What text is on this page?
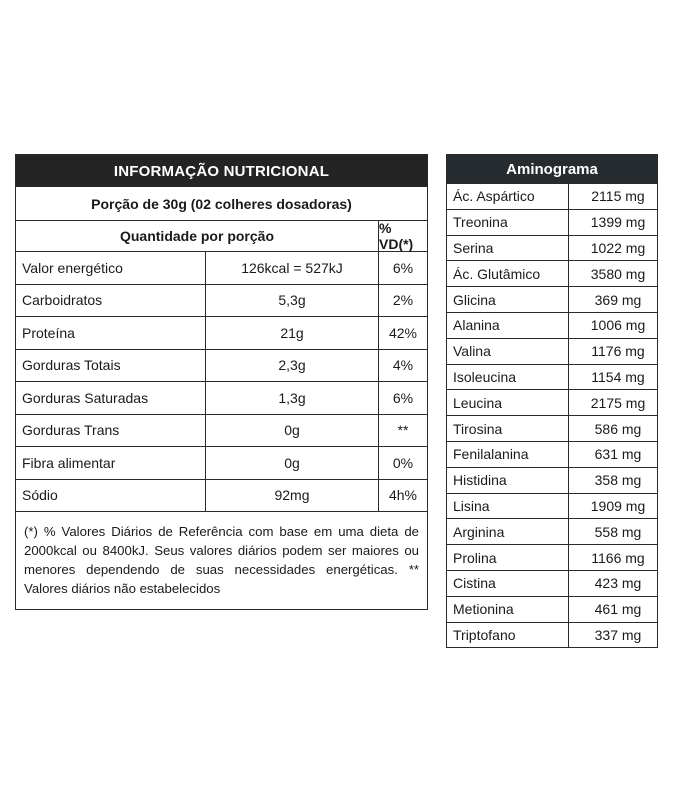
INFORMAÇÃO NUTRICIONAL
Porção de 30g (02 colheres dosadoras)
Quantidade por porção	% VD(*)
Valor energético	126kcal = 527kJ	6%
Carboidratos	5,3g	2%
Proteína	21g	42%
Gorduras Totais	2,3g	4%
Gorduras Saturadas	1,3g	6%
Gorduras Trans	0g	**
Fibra alimentar	0g	0%
Sódio	92mg	4h%
(*) % Valores Diários de Referência com base em uma dieta de 2000kcal ou 8400kJ. Seus valores diários podem ser maiores ou menores dependendo de suas necessidades energéticas. ** Valores diários não estabelecidos
Aminograma
Ác. Aspártico	2115 mg
Treonina	1399 mg
Serina	1022 mg
Ác. Glutâmico	3580 mg
Glicina	369 mg
Alanina	1006 mg
Valina	1176 mg
Isoleucina	1154 mg
Leucina	2175 mg
Tirosina	586 mg
Fenilalanina	631 mg
Histidina	358 mg
Lisina	1909 mg
Arginina	558 mg
Prolina	1166 mg
Cistina	423 mg
Metionina	461 mg
Triptofano	337 mg
